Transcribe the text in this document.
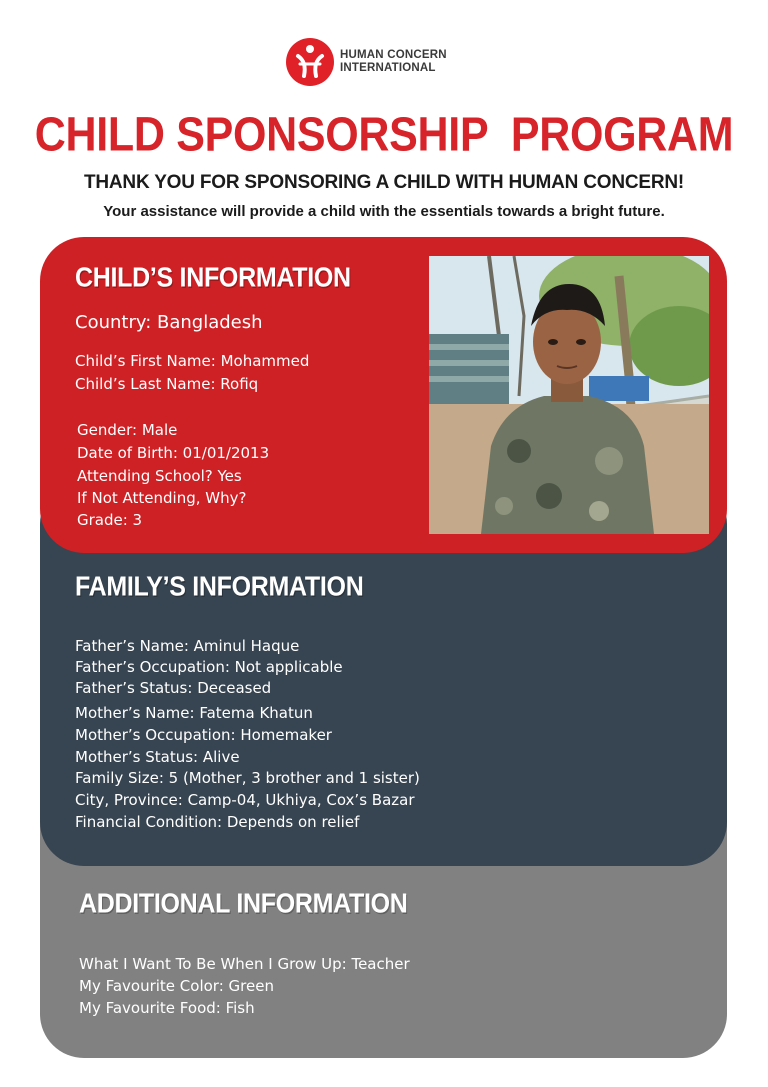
HUMAN CONCERN
INTERNATIONAL
CHILD SPONSORSHIP  PROGRAM
THANK YOU FOR SPONSORING A CHILD WITH HUMAN CONCERN!
Your assistance will provide a child with the essentials towards a bright future.
ADDITIONAL INFORMATION
What I Want To Be When I Grow Up: Teacher
My Favourite Color: Green
My Favourite Food: Fish
FAMILY’S INFORMATION
Father’s Name: Aminul Haque
Father’s Occupation: Not applicable
Father’s Status: Deceased
Mother’s Name: Fatema Khatun
Mother’s Occupation: Homemaker
Mother’s Status: Alive
Family Size: 5 (Mother, 3 brother and 1 sister)
City, Province: Camp-04, Ukhiya, Cox’s Bazar
Financial Condition: Depends on relief
CHILD’S INFORMATION
Country: Bangladesh
Child’s First Name: Mohammed
Child’s Last Name: Rofiq
Gender: Male
Date of Birth: 01/01/2013
Attending School? Yes
If Not Attending, Why?
Grade: 3
